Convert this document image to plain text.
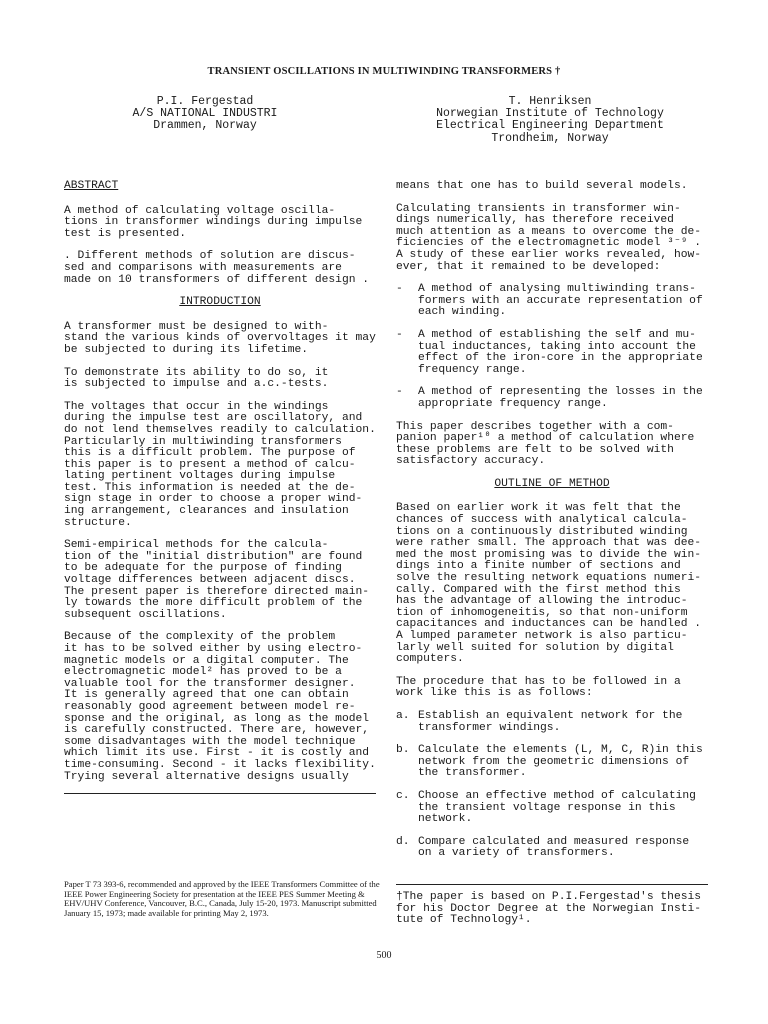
TRANSIENT OSCILLATIONS IN MULTIWINDING TRANSFORMERS †
P.I. Fergestad
A/S NATIONAL INDUSTRI
Drammen, Norway
T. Henriksen
Norwegian Institute of Technology
Electrical Engineering Department
Trondheim, Norway
ABSTRACT

A method of calculating voltage oscilla-
tions in transformer windings during impulse
test is presented.

. Different methods of solution are discus-
sed and comparisons with measurements are
made on 10 transformers of different design .

INTRODUCTION

A transformer must be designed to with-
stand the various kinds of overvoltages it may
be subjected to during its lifetime.

To demonstrate its ability to do so, it
is subjected to impulse and a.c.-tests.

The voltages that occur in the windings
during the impulse test are oscillatory, and
do not lend themselves readily to calculation.
Particularly in multiwinding transformers
this is a difficult problem. The purpose of
this paper is to present a method of calcu-
lating pertinent voltages during impulse
test. This information is needed at the de-
sign stage in order to choose a proper wind-
ing arrangement, clearances and insulation
structure.

Semi-empirical methods for the calcula-
tion of the "initial distribution" are found
to be adequate for the purpose of finding
voltage differences between adjacent discs.
The present paper is therefore directed main-
ly towards the more difficult problem of the
subsequent oscillations.

Because of the complexity of the problem
it has to be solved either by using electro-
magnetic models or a digital computer. The
electromagnetic model² has proved to be a
valuable tool for the transformer designer.
It is generally agreed that one can obtain
reasonably good agreement between model re-
sponse and the original, as long as the model
is carefully constructed. There are, however,
some disadvantages with the model technique
which limit its use. First - it is costly and
time-consuming. Second - it lacks flexibility.
Trying several alternative designs usually

means that one has to build several models.

Calculating transients in transformer win-
dings numerically, has therefore received
much attention as a means to overcome the de-
ficiencies of the electromagnetic model ³⁻⁹ .
A study of these earlier works revealed, how-
ever, that it remained to be developed:

-	A method of analysing multiwinding trans-
formers with an accurate representation of
each winding.
-	A method of establishing the self and mu-
tual inductances, taking into account the
effect of the iron-core in the appropriate
frequency range.
-	A method of representing the losses in the
appropriate frequency range.

This paper describes together with a com-
panion paper¹⁰ a method of calculation where
these problems are felt to be solved with
satisfactory accuracy.

OUTLINE OF METHOD

Based on earlier work it was felt that the
chances of success with analytical calcula-
tions on a continuously distributed winding
were rather small. The approach that was dee-
med the most promising was to divide the win-
dings into a finite number of sections and
solve the resulting network equations numeri-
cally. Compared with the first method this
has the advantage of allowing the introduc-
tion of inhomogeneitis, so that non-uniform
capacitances and inductances can be handled .
A lumped parameter network is also particu-
larly well suited for solution by digital
computers.

The procedure that has to be followed in a
work like this is as follows:

a. Establish an equivalent network for the
transformer windings.
b. Calculate the elements (L, M, C, R)in this
network from the geometric dimensions of
the transformer.
c. Choose an effective method of calculating
the transient voltage response in this
network.
d. Compare calculated and measured response
on a variety of transformers.
Paper T 73 393-6, recommended and approved by the IEEE Transformers Committee of the IEEE Power Engineering Society for presentation at the IEEE PES Summer Meeting & EHV/UHV Conference, Vancouver, B.C., Canada, July 15-20, 1973. Manuscript submitted January 15, 1973; made available for printing May 2, 1973.
†The paper is based on P.I.Fergestad's thesis
for his Doctor Degree at the Norwegian Insti-
tute of Technology¹.
500
